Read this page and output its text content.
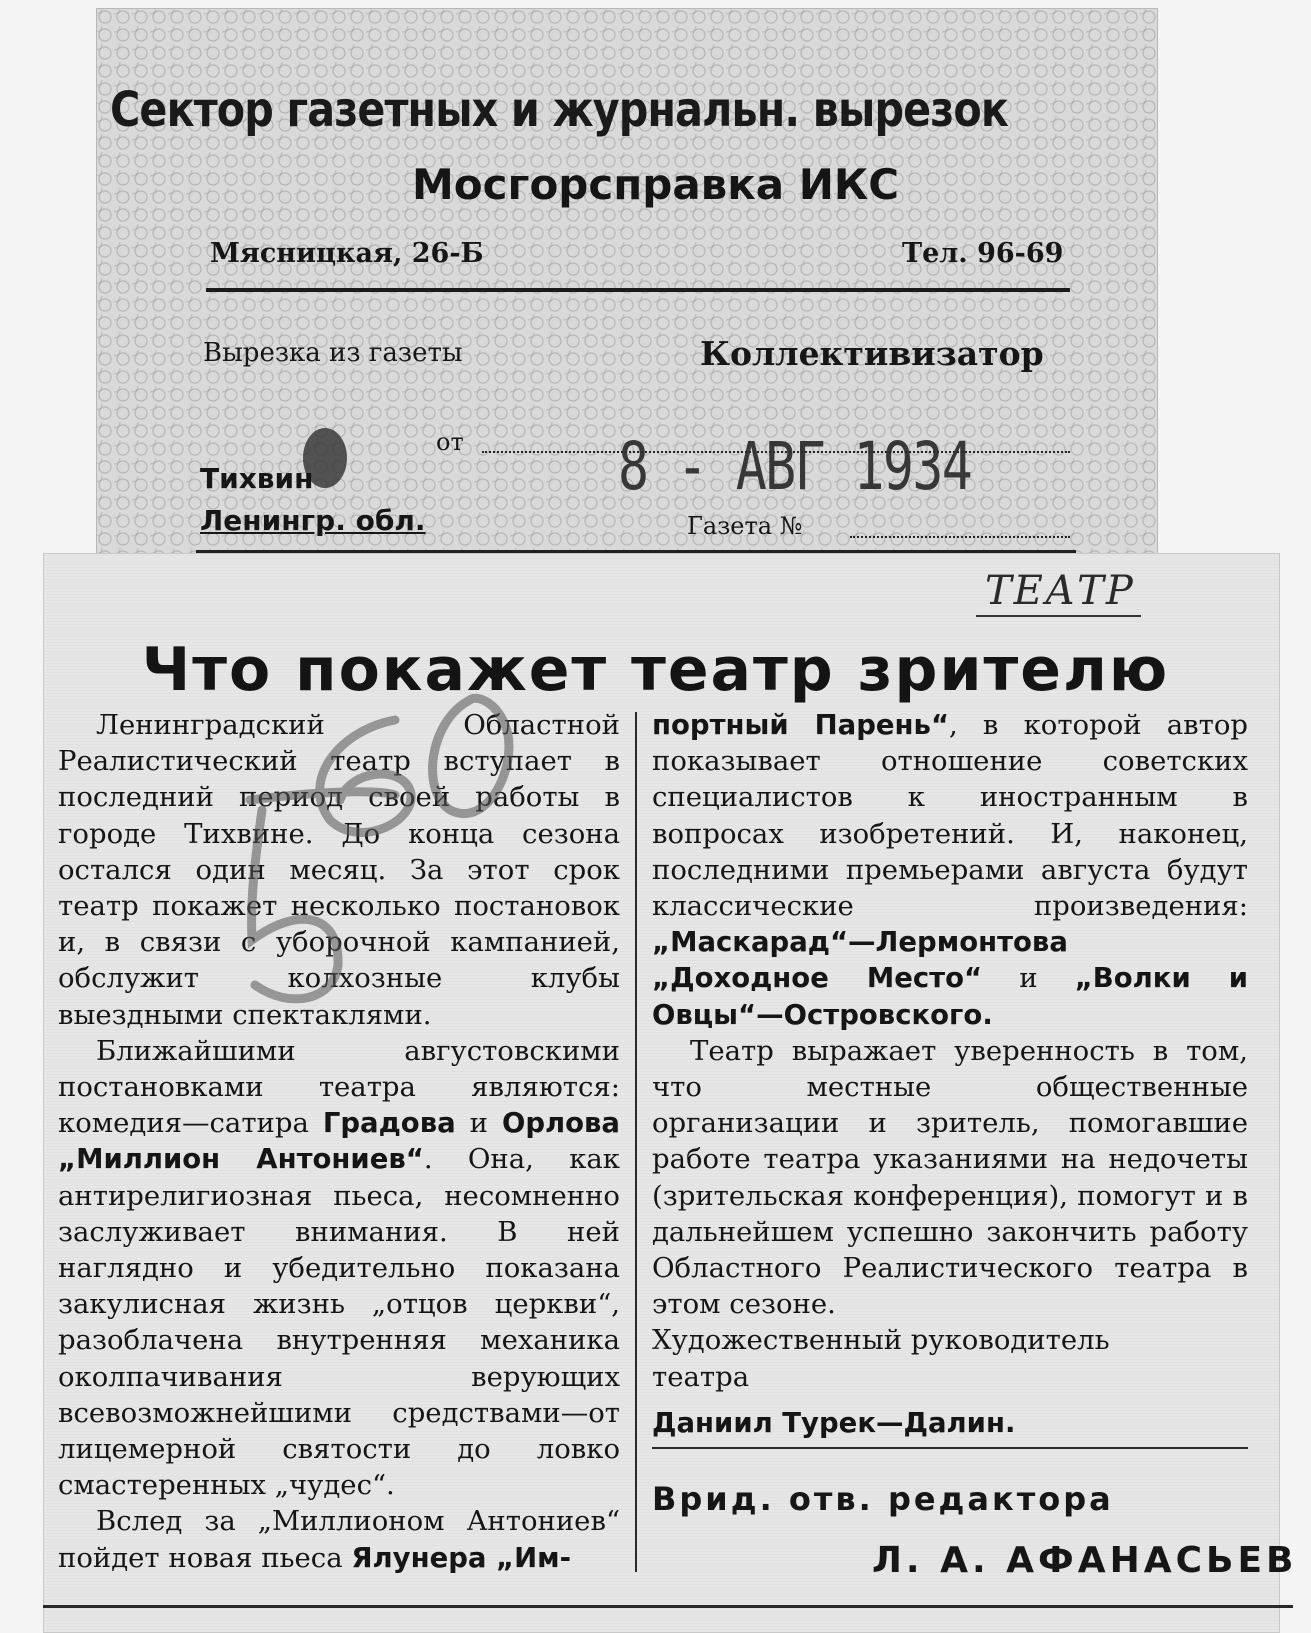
Сектор газетных и журнальн. вырезок
Мосгорсправка ИКС
Мясницкая, 26-Б	Тел. 96-69
Вырезка из газеты	Коллективизатор
от 8 - АВГ 1934
Тихвин
Ленингр. обл.	Газета №
ТЕАТР
Что покажет театр зрителю

Ленинградский Областной Реалистический театр вступает в последний период своей работы в городе Тихвине. До конца сезона остался один месяц. За этот срок театр покажет несколько постановок и, в связи с уборочной кампанией, обслужит колхозные клубы выездными спектаклями.

Ближайшими августовскими постановками театра являются: комедия—сатира Градова и Орлова „Миллион Антониев“. Она, как антирелигиозная пьеса, несомненно заслуживает внимания. В ней наглядно и убедительно показана закулисная жизнь „отцов церкви“, разоблачена внутренняя механика околпачивания верующих всевозможнейшими средствами—от лицемерной святости до ловко смастеренных „чудес“.

Вслед за „Миллионом Антониев“ пойдет новая пьеса Ялунера „Им-

портный Парень“, в которой автор показывает отношение советских специалистов к иностранным в вопросах изобретений. И, наконец, последними премьерами августа будут классические произведения: „Маскарад“—Лермонтова „Доходное Место“ и „Волки и Овцы“—Островского.

Театр выражает уверенность в том, что местные общественные организации и зритель, помогавшие работе театра указаниями на недочеты (зрительская конференция), помогут и в дальнейшем успешно закончить работу Областного Реалистического театра в этом сезоне.

Художественный руководитель

театра

Даниил Турек—Далин.

Врид. отв. редактора
Л. А. АФАНАСЬЕВ
